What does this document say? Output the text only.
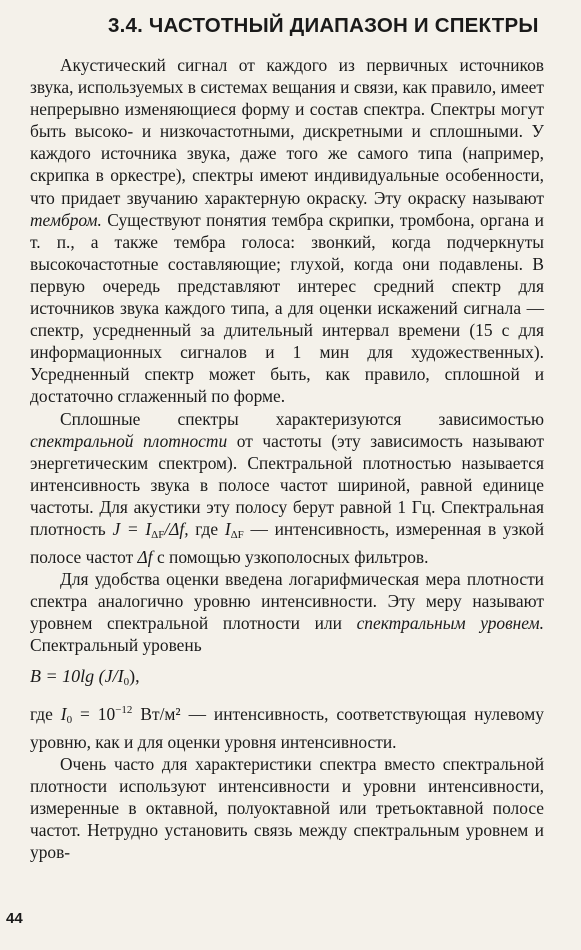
3.4. ЧАСТОТНЫЙ ДИАПАЗОН И СПЕКТРЫ

Акустический сигнал от каждого из первичных источников звука, используемых в системах вещания и связи, как правило, имеет непрерывно изменяющиеся форму и состав спектра. Спектры могут быть высоко- и низкочастотными, дискретными и сплошными. У каждого источника звука, даже того же самого типа (например, скрипка в оркестре), спектры имеют индивидуальные особенности, что придает звучанию характерную окраску. Эту окраску называют тембром. Существуют понятия тембра скрипки, тромбона, органа и т. п., а также тембра голоса: звонкий, когда подчеркнуты высокочастотные составляющие; глухой, когда они подавлены. В первую очередь представляют интерес средний спектр для источников звука каждого типа, а для оценки искажений сигнала — спектр, усредненный за длительный интервал времени (15 с для информационных сигналов и 1 мин для художественных). Усредненный спектр может быть, как правило, сплошной и достаточно сглаженный по форме.

Сплошные спектры характеризуются зависимостью спектральной плотности от частоты (эту зависимость называют энергетическим спектром). Спектральной плотностью называется интенсивность звука в полосе частот шириной, равной единице частоты. Для акустики эту полосу берут равной 1 Гц. Спектральная плотность $J = I_{\Delta F}/\Delta f$, где $I_{\Delta F}$ — интенсивность, измеренная в узкой полосе частот Δf с помощью узкополосных фильтров.

Для удобства оценки введена логарифмическая мера плотности спектра аналогично уровню интенсивности. Эту меру называют уровнем спектральной плотности или спектральным уровнем. Спектральный уровень

B = 10lg $(J/I_0)$,

где $I_0 = 10^{-12}$ Вт/м² — интенсивность, соответствующая нулевому уровню, как и для оценки уровня интенсивности.

Очень часто для характеристики спектра вместо спектральной плотности используют интенсивности и уровни интенсивности, измеренные в октавной, полуоктавной или третьоктавной полосе частот. Нетрудно установить связь между спектральным уровнем и уров-

44
